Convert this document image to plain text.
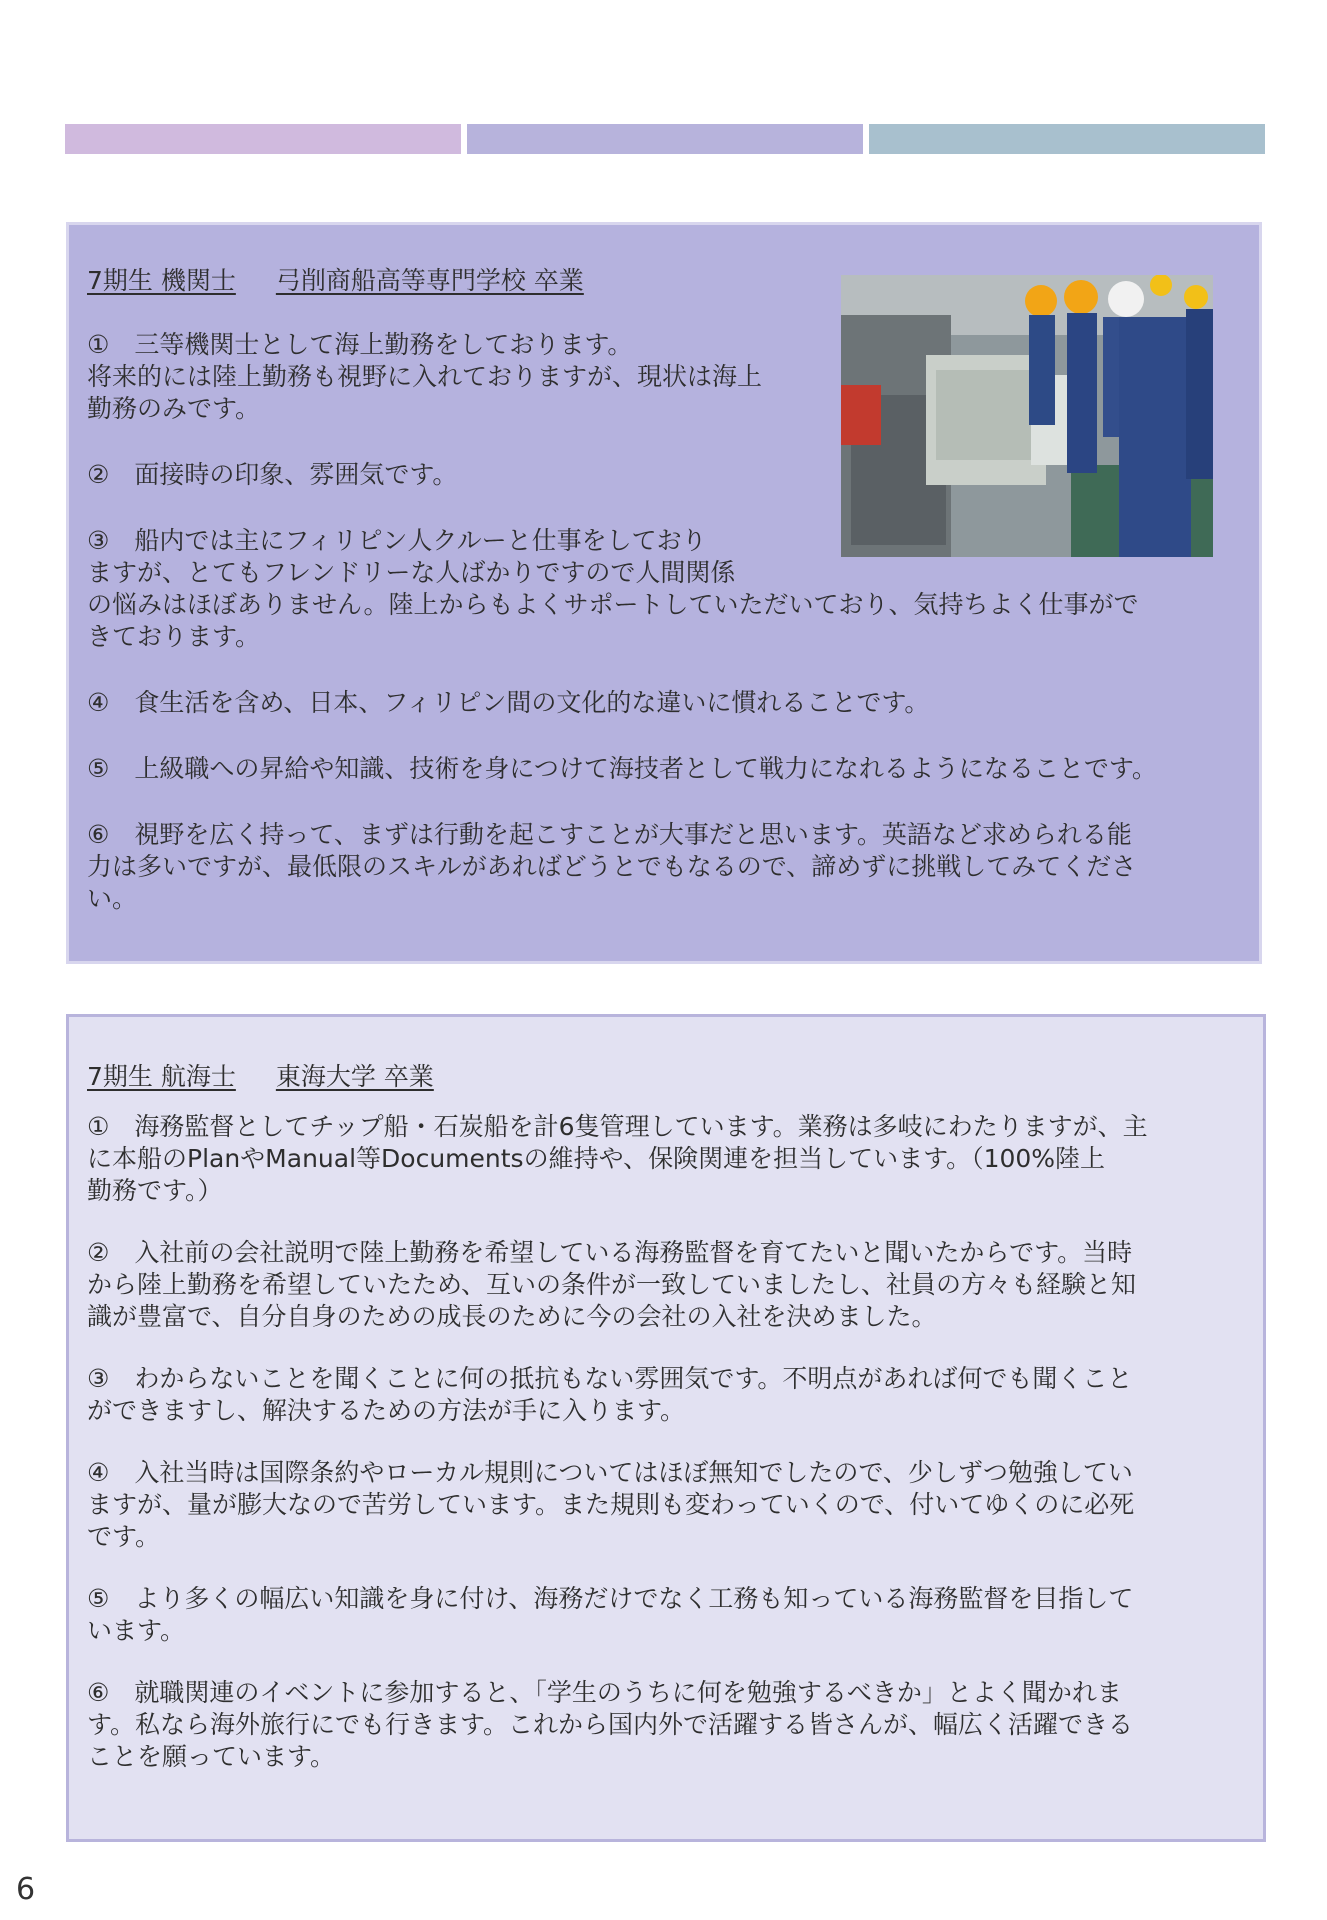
7期生 機関士 弓削商船高等専門学校 卒業

①　三等機関士として海上勤務をしております。
将来的には陸上勤務も視野に入れておりますが、現状は海上
勤務のみです。

②　面接時の印象、雰囲気です。

③　船内では主にフィリピン人クルーと仕事をしており
ますが、とてもフレンドリーな人ばかりですので人間関係
の悩みはほぼありません。陸上からもよくサポートしていただいており、気持ちよく仕事がで
きております。

④　食生活を含め、日本、フィリピン間の文化的な違いに慣れることです。

⑤　上級職への昇給や知識、技術を身につけて海技者として戦力になれるようになることです。

⑥　視野を広く持って、まずは行動を起こすことが大事だと思います。英語など求められる能
力は多いですが、最低限のスキルがあればどうとでもなるので、諦めずに挑戦してみてくださ
い。

7期生 航海士 東海大学 卒業

①　海務監督としてチップ船・石炭船を計6隻管理しています。業務は多岐にわたりますが、主
に本船のPlanやManual等Documentsの維持や、保険関連を担当しています。（100%陸上
勤務です。）

②　入社前の会社説明で陸上勤務を希望している海務監督を育てたいと聞いたからです。当時
から陸上勤務を希望していたため、互いの条件が一致していましたし、社員の方々も経験と知
識が豊富で、自分自身のための成長のために今の会社の入社を決めました。

③　わからないことを聞くことに何の抵抗もない雰囲気です。不明点があれば何でも聞くこと
ができますし、解決するための方法が手に入ります。

④　入社当時は国際条約やローカル規則についてはほぼ無知でしたので、少しずつ勉強してい
ますが、量が膨大なので苦労しています。また規則も変わっていくので、付いてゆくのに必死
です。

⑤　より多くの幅広い知識を身に付け、海務だけでなく工務も知っている海務監督を目指して
います。

⑥　就職関連のイベントに参加すると、「学生のうちに何を勉強するべきか」とよく聞かれま
す。私なら海外旅行にでも行きます。これから国内外で活躍する皆さんが、幅広く活躍できる
ことを願っています。

6
